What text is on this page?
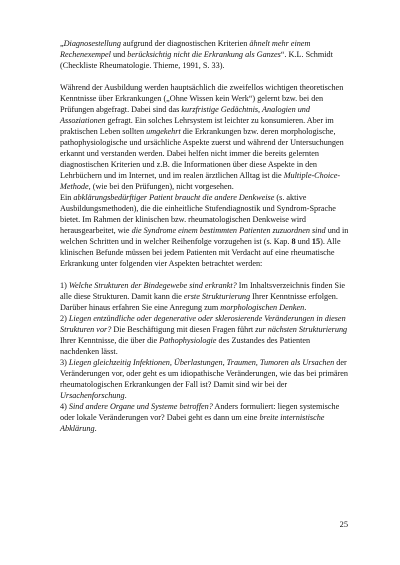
„Diagnosestellung aufgrund der diagnostischen Kriterien ähnelt mehr einem Rechenexempel und berücksichtig nicht die Erkrankung als Ganzes“. K.L. Schmidt (Checkliste Rheumatologie. Thieme, 1991, S. 33).

Während der Ausbildung werden hauptsächlich die zweifellos wichtigen theoretischen Kenntnisse über Erkrankungen („Ohne Wissen kein Werk“) gelernt bzw. bei den Prüfungen abgefragt. Dabei sind das kurzfristige Gedächtnis, Analogien und Assoziationen gefragt. Ein solches Lehrsystem ist leichter zu konsumieren. Aber im praktischen Leben sollten umgekehrt die Erkrankungen bzw. deren morphologische, pathophysiologische und ursächliche Aspekte zuerst und während der Untersuchungen erkannt und verstanden werden. Dabei helfen nicht immer die bereits gelernten diagnostischen Kriterien und z.B. die Informationen über diese Aspekte in den Lehrbüchern und im Internet, und im realen ärztlichen Alltag ist die Multiple-Choice-Methode, (wie bei den Prüfungen), nicht vorgesehen.

Ein abklärungsbedürftiger Patient braucht die andere Denkweise (s. aktive Ausbildungsmethoden), die die einheitliche Stufendiagnostik und Syndrom-Sprache bietet. Im Rahmen der klinischen bzw. rheumatologischen Denkweise wird herausgearbeitet, wie die Syndrome einem bestimmten Patienten zuzuordnen sind und in welchen Schritten und in welcher Reihenfolge vorzugehen ist (s. Kap. 8 und 15). Alle klinischen Befunde müssen bei jedem Patienten mit Verdacht auf eine rheumatische Erkrankung unter folgenden vier Aspekten betrachtet werden:

1) Welche Strukturen der Bindegewebe sind erkrankt? Im Inhaltsverzeichnis finden Sie alle diese Strukturen. Damit kann die erste Strukturierung Ihrer Kenntnisse erfolgen. Darüber hinaus erfahren Sie eine Anregung zum morphologischen Denken.

2) Liegen entzündliche oder degenerative oder sklerosierende Veränderungen in diesen Strukturen vor? Die Beschäftigung mit diesen Fragen führt zur nächsten Strukturierung Ihrer Kenntnisse, die über die Pathophysiologie des Zustandes des Patienten nachdenken lässt.

3) Liegen gleichzeitig Infektionen, Überlastungen, Traumen, Tumoren als Ursachen der Veränderungen vor, oder geht es um idiopathische Veränderungen, wie das bei primären rheumatologischen Erkrankungen der Fall ist? Damit sind wir bei der Ursachenforschung.

4) Sind andere Organe und Systeme betroffen? Anders formuliert: liegen systemische oder lokale Veränderungen vor? Dabei geht es dann um eine breite internistische Abklärung.

25
